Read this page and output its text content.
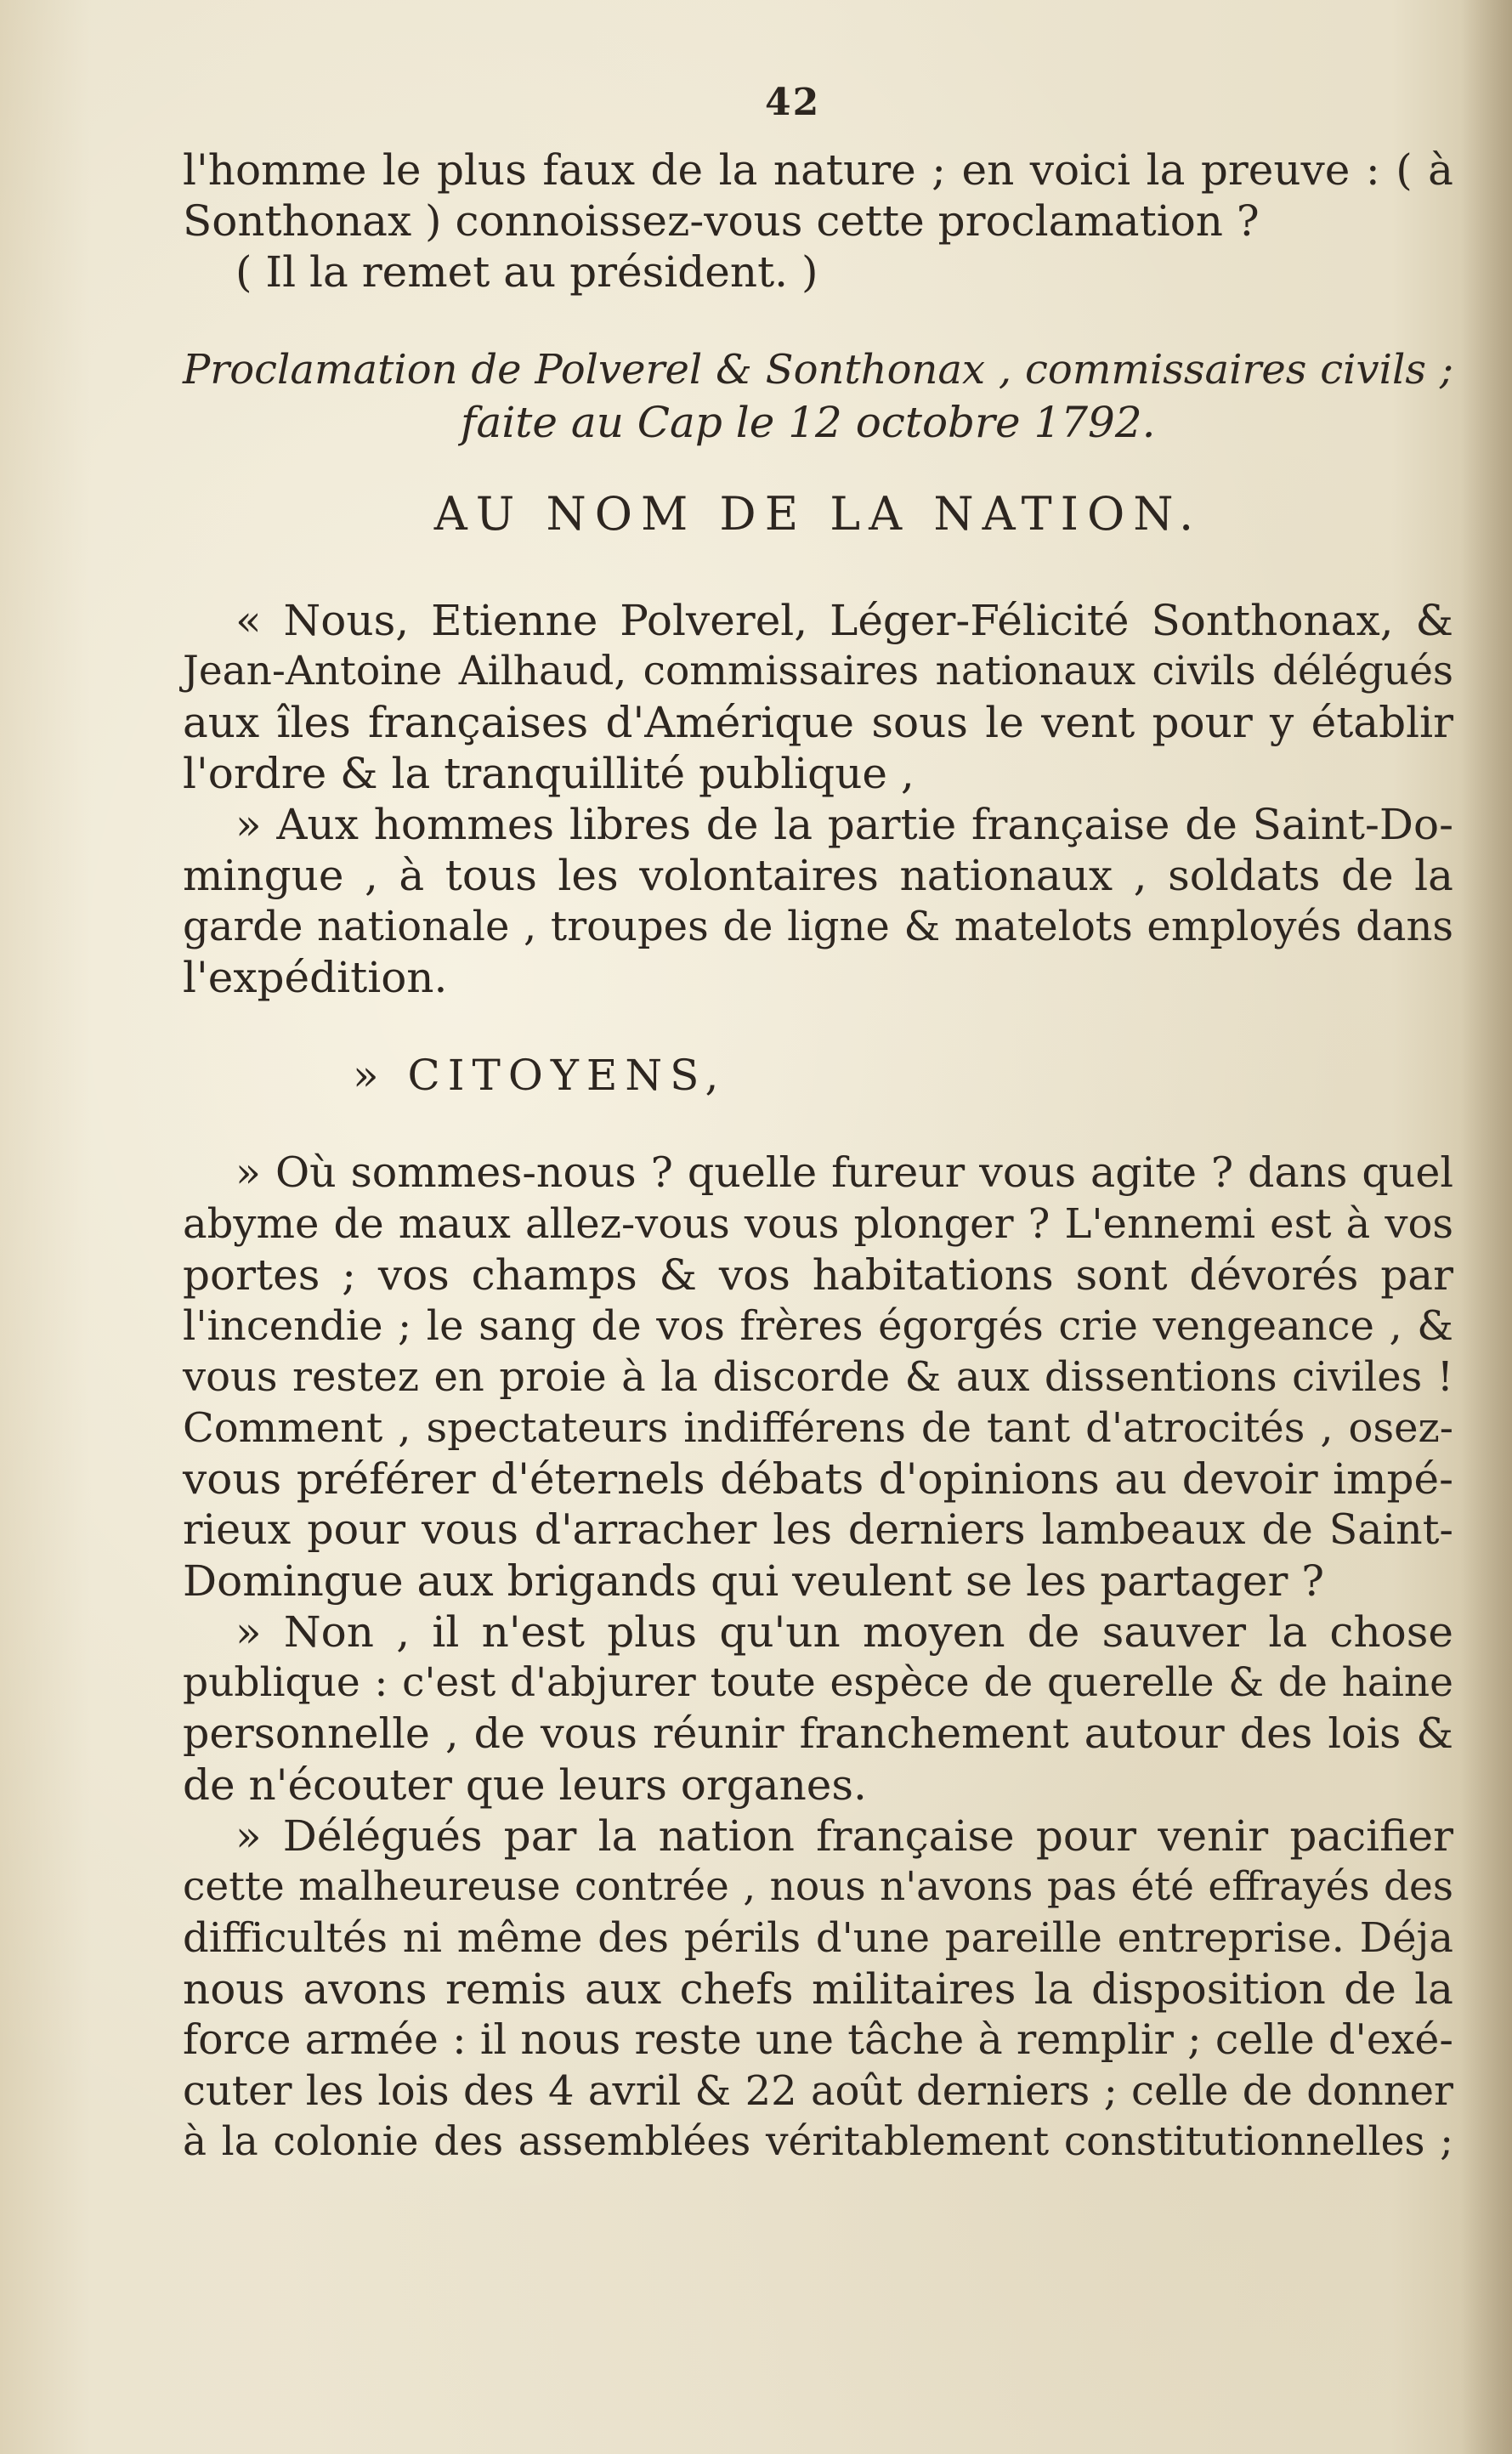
42
l'homme le plus faux de la nature ; en voici la preuve : ( à
Sonthonax ) connoissez-vous cette proclamation ?
( Il la remet au président. )
Proclamation de Polverel & Sonthonax , commissaires civils ;
faite au Cap le 12 octobre 1792.
AU NOM DE LA NATION.
« Nous, Etienne Polverel, Léger-Félicité Sonthonax, &
Jean-Antoine Ailhaud, commissaires nationaux civils délégués
aux îles françaises d'Amérique sous le vent pour y établir
l'ordre & la tranquillité publique ,
» Aux hommes libres de la partie française de Saint-Do-
mingue , à tous les volontaires nationaux , soldats de la
garde nationale , troupes de ligne & matelots employés dans
l'expédition.
» CITOYENS,
» Où sommes-nous ? quelle fureur vous agite ? dans quel
abyme de maux allez-vous vous plonger ? L'ennemi est à vos
portes ; vos champs & vos habitations sont dévorés par
l'incendie ; le sang de vos frères égorgés crie vengeance , &
vous restez en proie à la discorde & aux dissentions civiles !
Comment , spectateurs indifférens de tant d'atrocités , osez-
vous préférer d'éternels débats d'opinions au devoir impé-
rieux pour vous d'arracher les derniers lambeaux de Saint-
Domingue aux brigands qui veulent se les partager ?
» Non , il n'est plus qu'un moyen de sauver la chose
publique : c'est d'abjurer toute espèce de querelle & de haine
personnelle , de vous réunir franchement autour des lois &
de n'écouter que leurs organes.
» Délégués par la nation française pour venir pacifier
cette malheureuse contrée , nous n'avons pas été effrayés des
difficultés ni même des périls d'une pareille entreprise. Déja
nous avons remis aux chefs militaires la disposition de la
force armée : il nous reste une tâche à remplir ; celle d'exé-
cuter les lois des 4 avril & 22 août derniers ; celle de donner
à la colonie des assemblées véritablement constitutionnelles ;
